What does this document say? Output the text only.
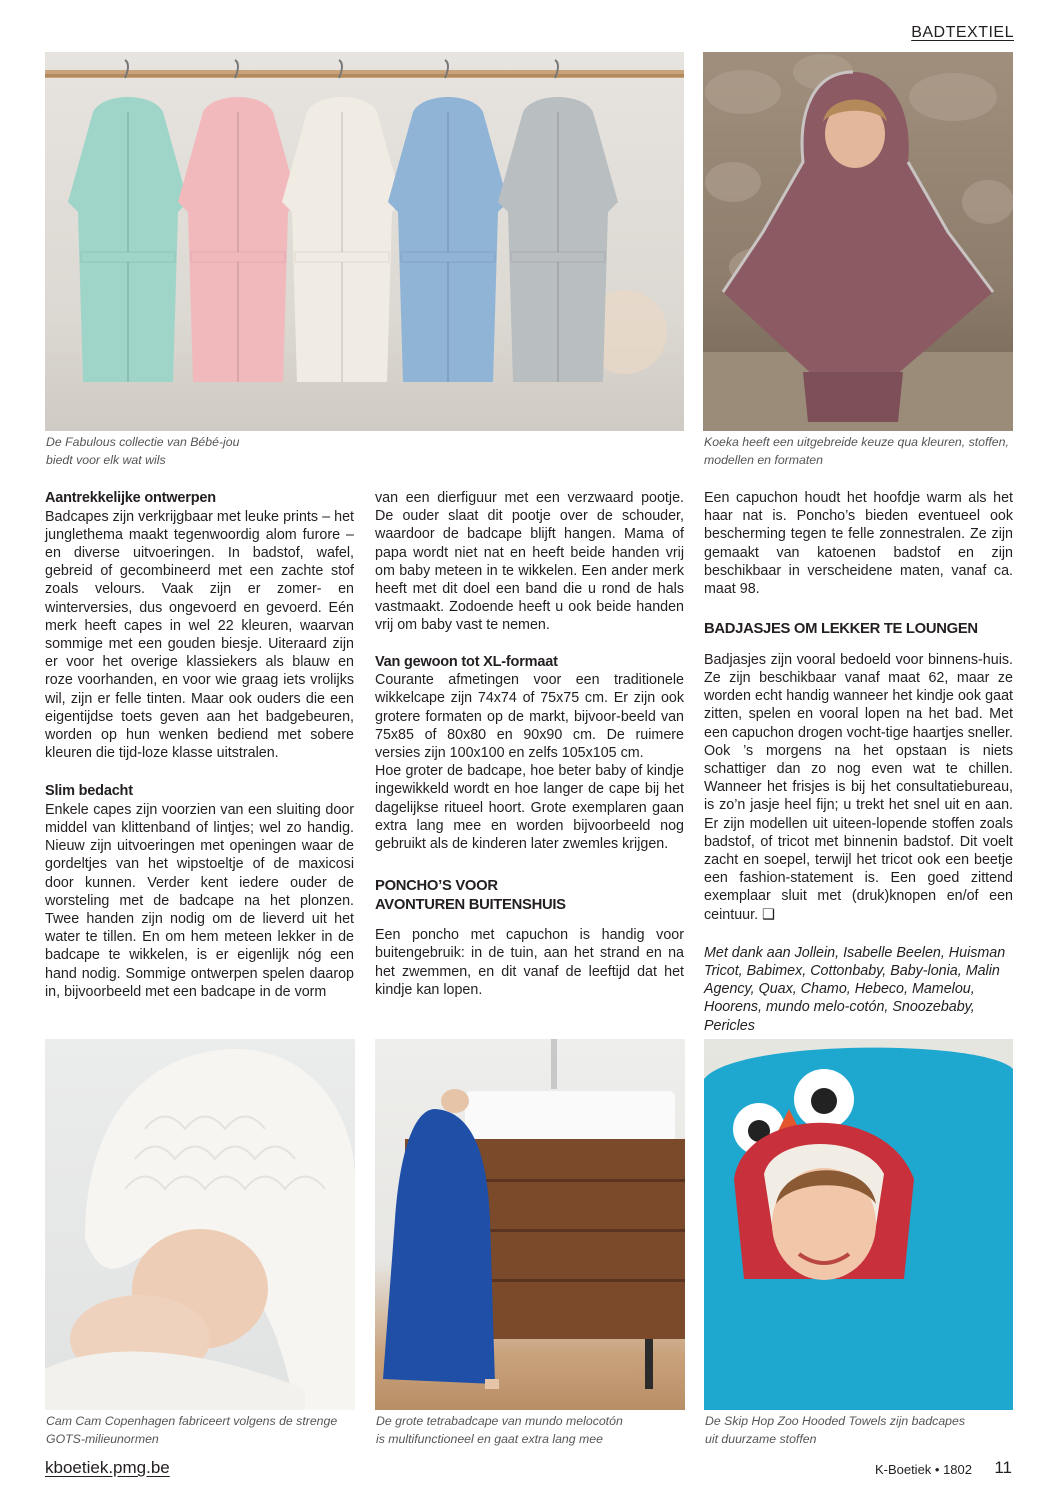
BADTEXTIEL
De Fabulous collectie van Bébé-jou
biedt voor elk wat wils
Koeka heeft een uitgebreide keuze qua kleuren, stoffen,
modellen en formaten
Aantrekkelijke ontwerpen

Badcapes zijn verkrijgbaar met leuke prints – het junglethema maakt tegenwoordig alom furore – en diverse uitvoeringen. In badstof, wafel, gebreid of gecombineerd met een zachte stof zoals velours. Vaak zijn er zomer- en winterversies, dus ongevoerd en gevoerd. Eén merk heeft capes in wel 22 kleuren, waarvan sommige met een gouden biesje. Uiteraard zijn er voor het overige klassiekers als blauw en roze voorhanden, en voor wie graag iets vrolijks wil, zijn er felle tinten. Maar ook ouders die een eigentijdse toets geven aan het badgebeuren, worden op hun wenken bediend met sobere kleuren die tijd-loze klasse uitstralen.

Slim bedacht

Enkele capes zijn voorzien van een sluiting door middel van klittenband of lintjes; wel zo handig. Nieuw zijn uitvoeringen met openingen waar de gordeltjes van het wipstoeltje of de maxicosi door kunnen. Verder kent iedere ouder de worsteling met de badcape na het plonzen. Twee handen zijn nodig om de lieverd uit het water te tillen. En om hem meteen lekker in de badcape te wikkelen, is er eigenlijk nóg een hand nodig. Sommige ontwerpen spelen daarop in, bijvoorbeeld met een badcape in de vorm

van een dierfiguur met een verzwaard pootje. De ouder slaat dit pootje over de schouder, waardoor de badcape blijft hangen. Mama of papa wordt niet nat en heeft beide handen vrij om baby meteen in te wikkelen. Een ander merk heeft met dit doel een band die u rond de hals vastmaakt. Zodoende heeft u ook beide handen vrij om baby vast te nemen.

Van gewoon tot XL-formaat

Courante afmetingen voor een traditionele wikkelcape zijn 74x74 of 75x75 cm. Er zijn ook grotere formaten op de markt, bijvoor-beeld van 75x85 of 80x80 en 90x90 cm. De ruimere versies zijn 100x100 en zelfs 105x105 cm.

Hoe groter de badcape, hoe beter baby of kindje ingewikkeld wordt en hoe langer de cape bij het dagelijkse ritueel hoort. Grote exemplaren gaan extra lang mee en worden bijvoorbeeld nog gebruikt als de kinderen later zwemles krijgen.

PONCHO’S VOOR
AVONTUREN BUITENSHUIS

Een poncho met capuchon is handig voor buitengebruik: in de tuin, aan het strand en na het zwemmen, en dit vanaf de leeftijd dat het kindje kan lopen.

Een capuchon houdt het hoofdje warm als het haar nat is. Poncho’s bieden eventueel ook bescherming tegen te felle zonnestralen. Ze zijn gemaakt van katoenen badstof en zijn beschikbaar in verscheidene maten, vanaf ca. maat 98.

BADJASJES OM LEKKER TE LOUNGEN

Badjasjes zijn vooral bedoeld voor binnens-huis. Ze zijn beschikbaar vanaf maat 62, maar ze worden echt handig wanneer het kindje ook gaat zitten, spelen en vooral lopen na het bad. Met een capuchon drogen vocht-tige haartjes sneller. Ook ’s morgens na het opstaan is niets schattiger dan zo nog even wat te chillen. Wanneer het frisjes is bij het consultatiebureau, is zo’n jasje heel fijn; u trekt het snel uit en aan. Er zijn modellen uit uiteen-lopende stoffen zoals badstof, of tricot met binnenin badstof. Dit voelt zacht en soepel, terwijl het tricot ook een beetje een fashion-statement is. Een goed zittend exemplaar sluit met (druk)knopen en/of een ceintuur. ❑

Met dank aan Jollein, Isabelle Beelen, Huisman Tricot, Babimex, Cottonbaby, Baby-lonia, Malin Agency, Quax, Chamo, Hebeco, Mamelou, Hoorens, mundo melo-cotón, Snoozebaby, Pericles

Cam Cam Copenhagen fabriceert volgens de strenge
GOTS-milieunormen
De grote tetrabadcape van mundo melocotón
is multifunctioneel en gaat extra lang mee
De Skip Hop Zoo Hooded Towels zijn badcapes
uit duurzame stoffen
kboetiek.pmg.be	K-Boetiek • 1802 11
